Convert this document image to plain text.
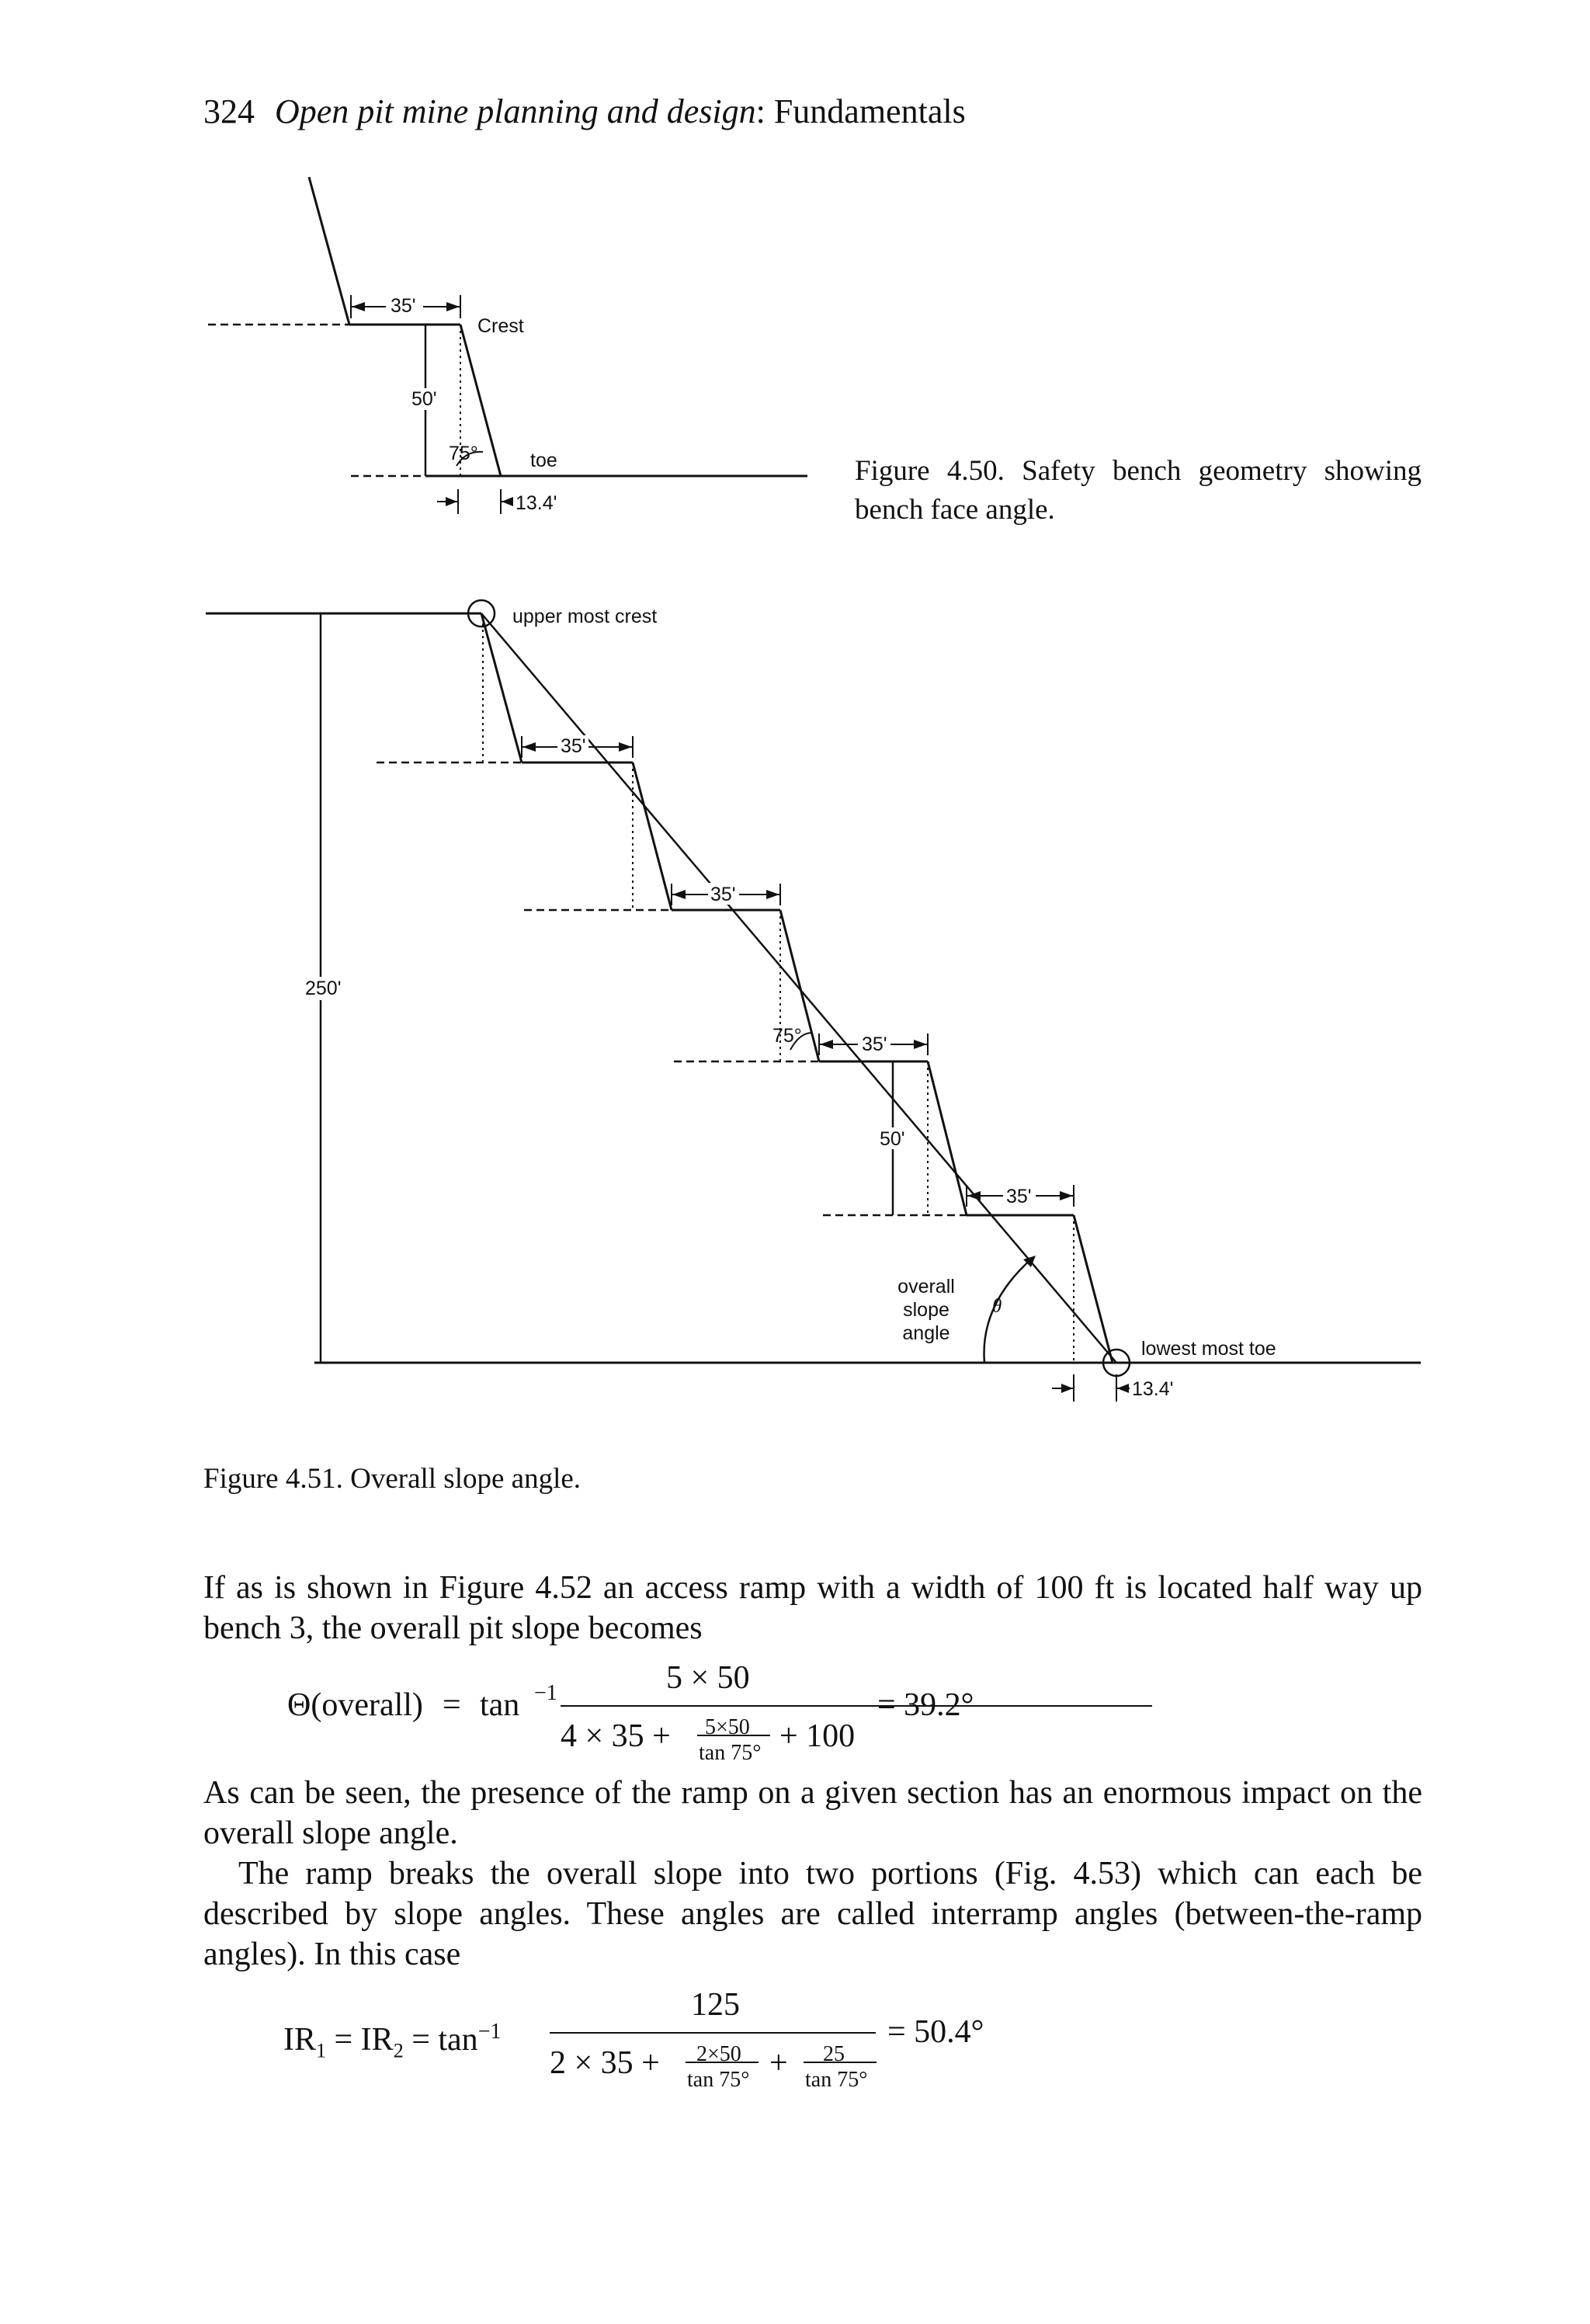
324 Open pit mine planning and design: Fundamentals
35'
Crest
50'
75°	toe
13.4'
Figure 4.50. Safety bench geometry showing bench face angle.
upper most crest
35'
35'
35'
35'
250'
75°
50'
overall
slope
angle
θ
lowest most toe
13.4'
Figure 4.51. Overall slope angle.
If as is shown in Figure 4.52 an access ramp with a width of 100 ft is located half way up bench 3, the overall pit slope becomes
Θ(overall) = tan −1	5 × 50
4 × 35 + 5×50
tan 75° + 100
= 39.2°
As can be seen, the presence of the ramp on a given section has an enormous impact on the overall slope angle.
The ramp breaks the overall slope into two portions (Fig. 4.53) which can each be described by slope angles. These angles are called interramp angles (between-the-ramp angles). In this case
$IR_1 = IR_2 = \tan^{-1}$
125
2 × 35 + 2×50
tan 75° + 25
tan 75°
= 50.4°
